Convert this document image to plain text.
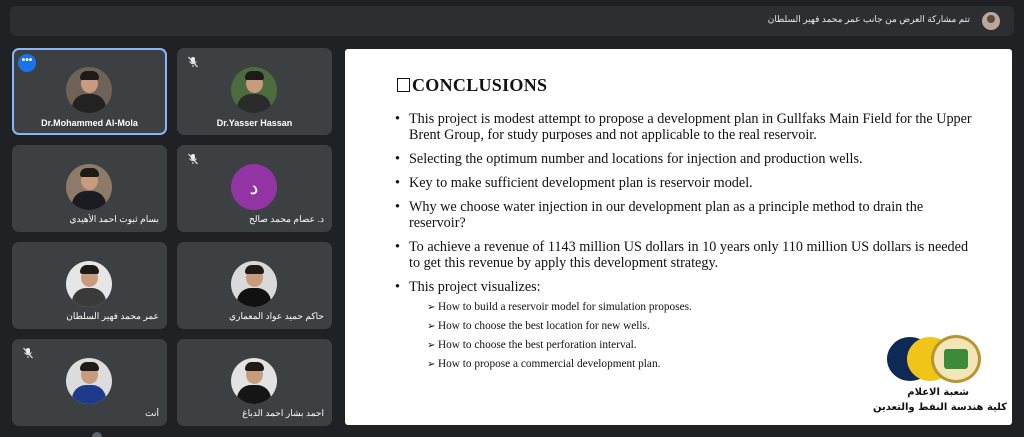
تتم مشاركة العرض من جانب عمر محمد فهير السلطان
•••
Dr.Mohammed Al-Mola	Dr.Yasser Hassan
بسام ثبوت احمد الأهيدي
د
د. عصام محمد صالح
عمر محمد فهير السلطان	حاكم حميد عواد المعماري
أنت	احمد بشار احمد الدباغ
CONCLUSIONS
• This project is modest attempt to propose a development plan in Gullfaks Main Field for the Upper Brent Group, for study purposes and not applicable to the real reservoir.
• Selecting the optimum number and locations for injection and production wells.
• Key to make sufficient development plan is reservoir model.
• Why we choose water injection in our development plan as a principle method to drain the reservoir?
• To achieve a revenue of 1143 million US dollars in 10 years only 110 million US dollars is needed to get this revenue by apply this development strategy.
• This project visualizes:
➢ How to build a reservoir model for simulation proposes.
➢ How to choose the best location for new wells.
➢ How to choose the best perforation interval.
➢ How to propose a commercial development plan.
شعبة الاعلام
كلية هندسة النفط والتعدين
